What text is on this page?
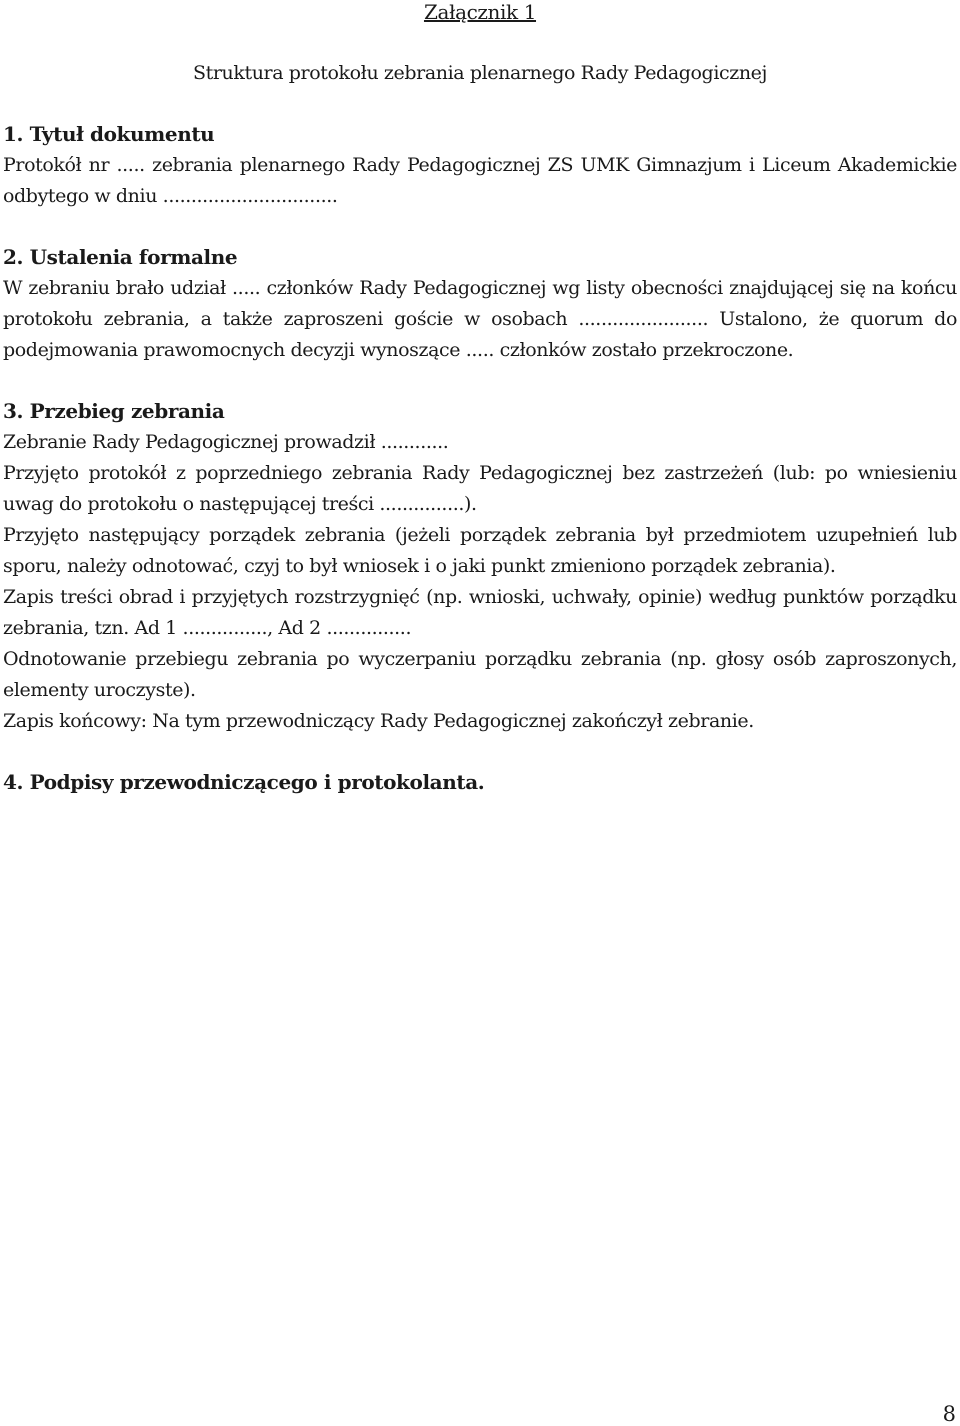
Załącznik 1
Struktura protokołu zebrania plenarnego Rady Pedagogicznej
1. Tytuł dokumentu
Protokół nr ..... zebrania plenarnego Rady Pedagogicznej ZS UMK Gimnazjum i Liceum Akademickie
odbytego w dniu ...............................
2. Ustalenia formalne
W zebraniu brało udział ..... członków Rady Pedagogicznej wg listy obecności znajdującej się na końcu
protokołu zebrania, a także zaproszeni goście w osobach ....................... Ustalono, że quorum do
podejmowania prawomocnych decyzji wynoszące ..... członków zostało przekroczone.
3. Przebieg zebrania
Zebranie Rady Pedagogicznej prowadził ............
Przyjęto protokół z poprzedniego zebrania Rady Pedagogicznej bez zastrzeżeń (lub: po wniesieniu
uwag do protokołu o następującej treści ...............).
Przyjęto następujący porządek zebrania (jeżeli porządek zebrania był przedmiotem uzupełnień lub
sporu, należy odnotować, czyj to był wniosek i o jaki punkt zmieniono porządek zebrania).
Zapis treści obrad i przyjętych rozstrzygnięć (np. wnioski, uchwały, opinie) według punktów porządku
zebrania, tzn. Ad 1 ..............., Ad 2 ...............
Odnotowanie przebiegu zebrania po wyczerpaniu porządku zebrania (np. głosy osób zaproszonych,
elementy uroczyste).
Zapis końcowy: Na tym przewodniczący Rady Pedagogicznej zakończył zebranie.
4. Podpisy przewodniczącego i protokolanta.
8
